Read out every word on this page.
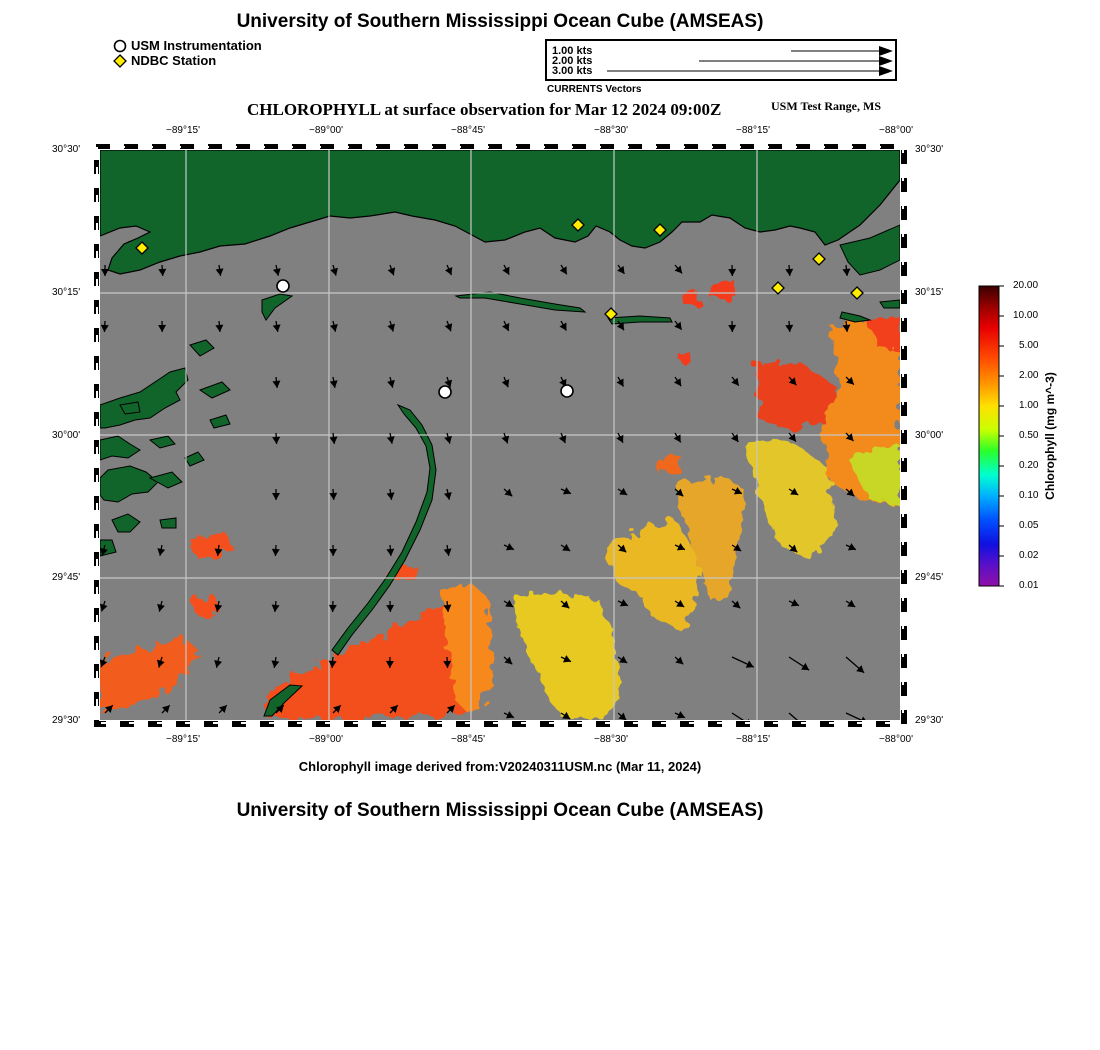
University of Southern Mississippi Ocean Cube (AMSEAS)
USM Instrumentation
NDBC Station
1.00 kts
2.00 kts
3.00 kts
CURRENTS Vectors
CHLOROPHYLL at surface observation for Mar 12 2024 09:00Z	USM Test Range, MS
−89°15'	−89°00'	−88°45'	−88°30'	−88°15'	−88°00'
−89°15'	−89°00'	−88°45'	−88°30'	−88°15'	−88°00'
30°30'
30°15'
30°00'
29°45'
29°30'
30°30'
30°15'
30°00'
29°45'
29°30'
20.00
10.00
5.00
2.00
1.00
0.50
0.20
0.10
0.05
0.02
0.01
Chlorophyll (mg m^-3)
Chlorophyll image derived from:V20240311USM.nc (Mar 11, 2024)
University of Southern Mississippi Ocean Cube (AMSEAS)
